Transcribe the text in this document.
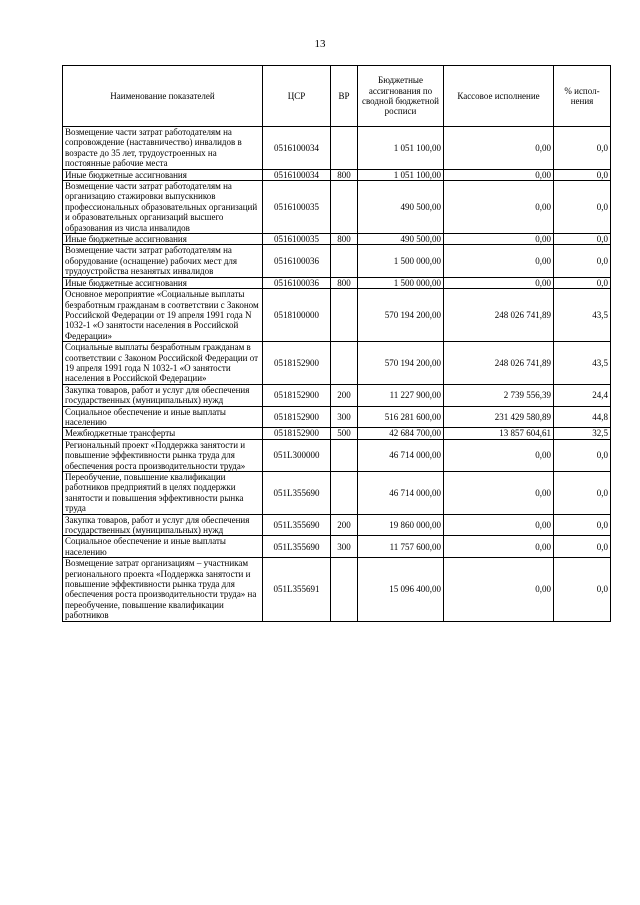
13
Наименование показателей	ЦСР	ВР	Бюджетные ассигнования по сводной бюджетной росписи	Кассовое исполнение	% испол-нения
Возмещение части затрат работодателям на сопровождение (наставничество) инвалидов в возрасте до 35 лет, трудоустроенных на постоянные рабочие места	0516100034		1 051 100,00	0,00	0,0
Иные бюджетные ассигнования	0516100034	800	1 051 100,00	0,00	0,0
Возмещение части затрат работодателям на организацию стажировки выпускников профессиональных образовательных организаций и образовательных организаций высшего образования из числа инвалидов	0516100035		490 500,00	0,00	0,0
Иные бюджетные ассигнования	0516100035	800	490 500,00	0,00	0,0
Возмещение части затрат работодателям на оборудование (оснащение) рабочих мест для трудоустройства незанятых инвалидов	0516100036		1 500 000,00	0,00	0,0
Иные бюджетные ассигнования	0516100036	800	1 500 000,00	0,00	0,0
Основное мероприятие «Социальные выплаты безработным гражданам в соответствии с Законом Российской Федерации от 19 апреля 1991 года N 1032-1 «О занятости населения в Российской Федерации»	0518100000		570 194 200,00	248 026 741,89	43,5
Социальные выплаты безработным гражданам в соответствии с Законом Российской Федерации от 19 апреля 1991 года N 1032-1 «О занятости населения в Российской Федерации»	0518152900		570 194 200,00	248 026 741,89	43,5
Закупка товаров, работ и услуг для обеспечения государственных (муниципальных) нужд	0518152900	200	11 227 900,00	2 739 556,39	24,4
Социальное обеспечение и иные выплаты населению	0518152900	300	516 281 600,00	231 429 580,89	44,8
Межбюджетные трансферты	0518152900	500	42 684 700,00	13 857 604,61	32,5
Региональный проект «Поддержка занятости и повышение эффективности рынка труда для обеспечения роста производительности труда»	051L300000		46 714 000,00	0,00	0,0
Переобучение, повышение квалификации работников предприятий в целях поддержки занятости и повышения эффективности рынка труда	051L355690		46 714 000,00	0,00	0,0
Закупка товаров, работ и услуг для обеспечения государственных (муниципальных) нужд	051L355690	200	19 860 000,00	0,00	0,0
Социальное обеспечение и иные выплаты населению	051L355690	300	11 757 600,00	0,00	0,0
Возмещение затрат организациям – участникам регионального проекта «Поддержка занятости и повышение эффективности рынка труда для обеспечения роста производительности труда» на переобучение, повышение квалификации работников	051L355691		15 096 400,00	0,00	0,0
